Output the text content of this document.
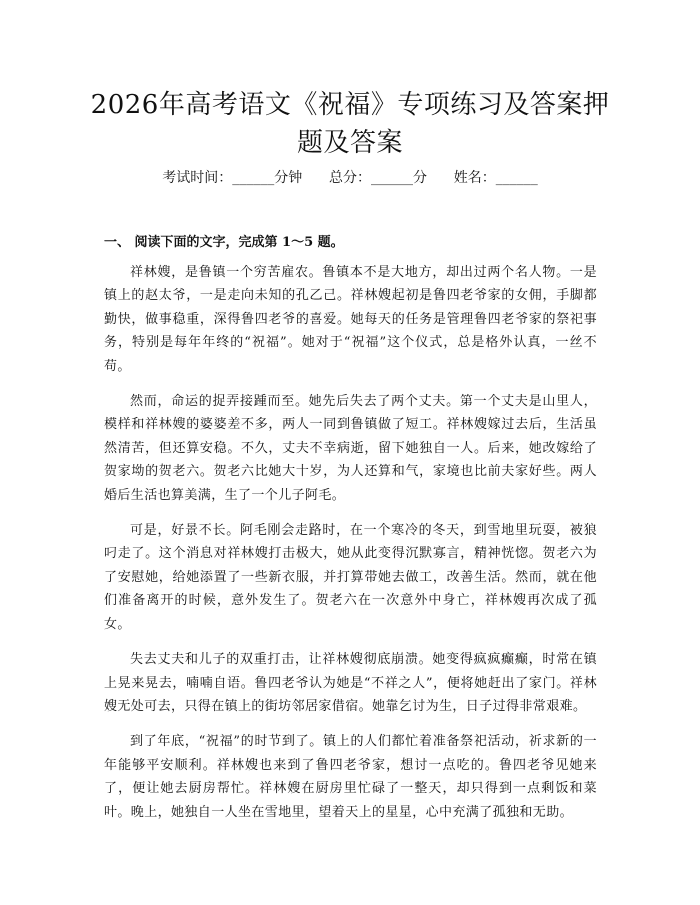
2026年高考语文《祝福》专项练习及答案押题及答案
考试时间：______分钟      总分：______分      姓名：______
一、 阅读下面的文字，完成第 1～5 题。

祥林嫂，是鲁镇一个穷苦雇农。鲁镇本不是大地方，却出过两个名人物。一是镇上的赵太爷，一是走向未知的孔乙己。祥林嫂起初是鲁四老爷家的女佣，手脚都勤快，做事稳重，深得鲁四老爷的喜爱。她每天的任务是管理鲁四老爷家的祭祀事务，特别是每年年终的“祝福”。她对于“祝福”这个仪式，总是格外认真，一丝不苟。

然而，命运的捉弄接踵而至。她先后失去了两个丈夫。第一个丈夫是山里人，模样和祥林嫂的婆婆差不多，两人一同到鲁镇做了短工。祥林嫂嫁过去后，生活虽然清苦，但还算安稳。不久，丈夫不幸病逝，留下她独自一人。后来，她改嫁给了贺家坳的贺老六。贺老六比她大十岁，为人还算和气，家境也比前夫家好些。两人婚后生活也算美满，生了一个儿子阿毛。

可是，好景不长。阿毛刚会走路时，在一个寒冷的冬天，到雪地里玩耍，被狼叼走了。这个消息对祥林嫂打击极大，她从此变得沉默寡言，精神恍惚。贺老六为了安慰她，给她添置了一些新衣服，并打算带她去做工，改善生活。然而，就在他们准备离开的时候，意外发生了。贺老六在一次意外中身亡，祥林嫂再次成了孤女。

失去丈夫和儿子的双重打击，让祥林嫂彻底崩溃。她变得疯疯癫癫，时常在镇上晃来晃去，喃喃自语。鲁四老爷认为她是“不祥之人”，便将她赶出了家门。祥林嫂无处可去，只得在镇上的街坊邻居家借宿。她靠乞讨为生，日子过得非常艰难。

到了年底，“祝福”的时节到了。镇上的人们都忙着准备祭祀活动，祈求新的一年能够平安顺利。祥林嫂也来到了鲁四老爷家，想讨一点吃的。鲁四老爷见她来了，便让她去厨房帮忙。祥林嫂在厨房里忙碌了一整天，却只得到一点剩饭和菜叶。晚上，她独自一人坐在雪地里，望着天上的星星，心中充满了孤独和无助。
